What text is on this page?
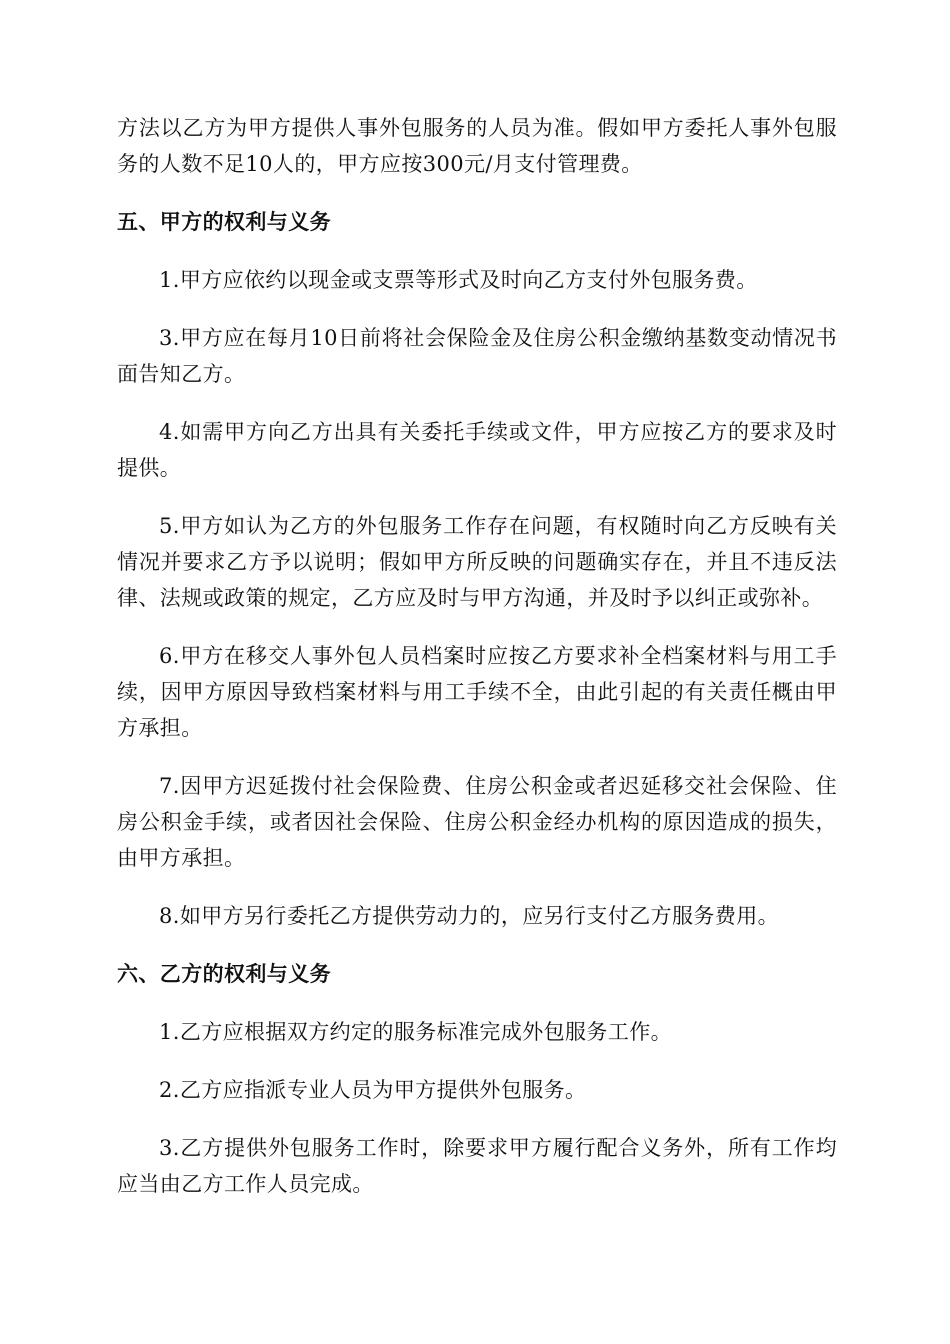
方法以乙方为甲方提供人事外包服务的人员为准。假如甲方委托人事外包服务的人数不足10人的，甲方应按300元/月支付管理费。

五、甲方的权利与义务

1.甲方应依约以现金或支票等形式及时向乙方支付外包服务费。

3.甲方应在每月10日前将社会保险金及住房公积金缴纳基数变动情况书面告知乙方。

4.如需甲方向乙方出具有关委托手续或文件，甲方应按乙方的要求及时提供。

5.甲方如认为乙方的外包服务工作存在问题，有权随时向乙方反映有关情况并要求乙方予以说明；假如甲方所反映的问题确实存在，并且不违反法律、法规或政策的规定，乙方应及时与甲方沟通，并及时予以纠正或弥补。

6.甲方在移交人事外包人员档案时应按乙方要求补全档案材料与用工手续，因甲方原因导致档案材料与用工手续不全，由此引起的有关责任概由甲方承担。

7.因甲方迟延拨付社会保险费、住房公积金或者迟延移交社会保险、住房公积金手续，或者因社会保险、住房公积金经办机构的原因造成的损失，由甲方承担。

8.如甲方另行委托乙方提供劳动力的，应另行支付乙方服务费用。

六、乙方的权利与义务

1.乙方应根据双方约定的服务标准完成外包服务工作。

2.乙方应指派专业人员为甲方提供外包服务。

3.乙方提供外包服务工作时，除要求甲方履行配合义务外，所有工作均应当由乙方工作人员完成。
